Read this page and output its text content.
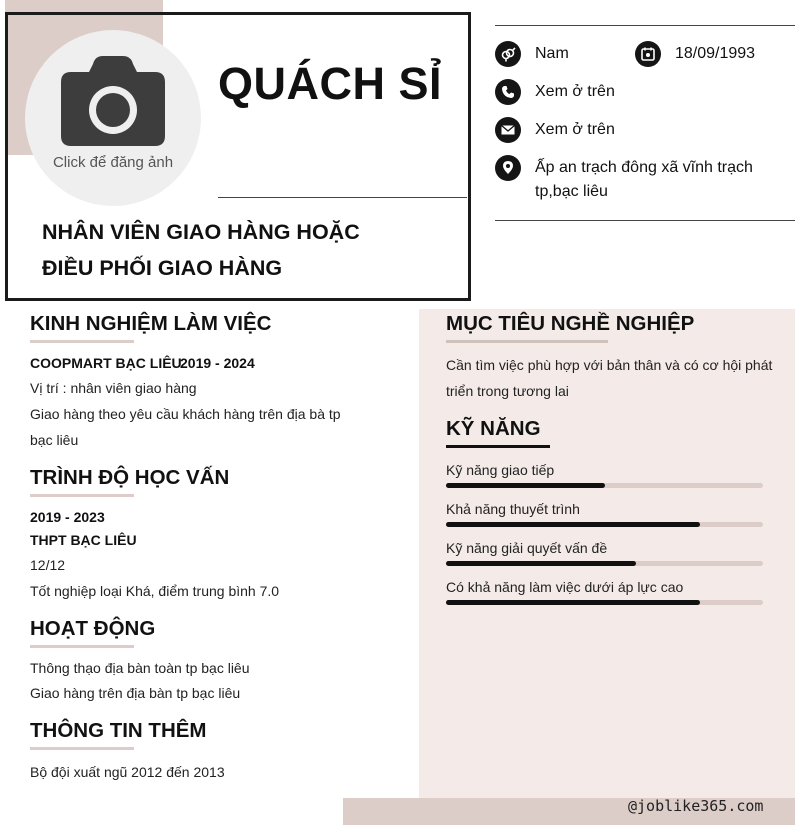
Click để đăng ảnh
QUÁCH SỈ
NHÂN VIÊN GIAO HÀNG HOẶC
ĐIỀU PHỐI GIAO HÀNG
Nam	18/09/1993
Xem ở trên
Xem ở trên
Ấp an trạch đông xã vĩnh trạch
tp,bạc liêu
KINH NGHIỆM LÀM VIỆC
COOPMART BẠC LIÊU
2019 - 2024
Vị trí : nhân viên giao hàng
Giao hàng theo yêu cầu khách hàng trên địa bà tp
bạc liêu
TRÌNH ĐỘ HỌC VẤN
2019 - 2023
THPT BẠC LIÊU
12/12
Tốt nghiệp loại Khá, điểm trung bình 7.0
HOẠT ĐỘNG
Thông thạo địa bàn toàn tp bạc liêu
Giao hàng trên địa bàn tp bạc liêu
THÔNG TIN THÊM
Bộ đội xuất ngũ 2012 đến 2013
MỤC TIÊU NGHỀ NGHIỆP
Cần tìm việc phù hợp với bản thân và có cơ hội phát
triển trong tương lai
KỸ NĂNG
Kỹ năng giao tiếp
Khả năng thuyết trình
Kỹ năng giải quyết vấn đề
Có khả năng làm việc dưới áp lực cao
@joblike365.com
